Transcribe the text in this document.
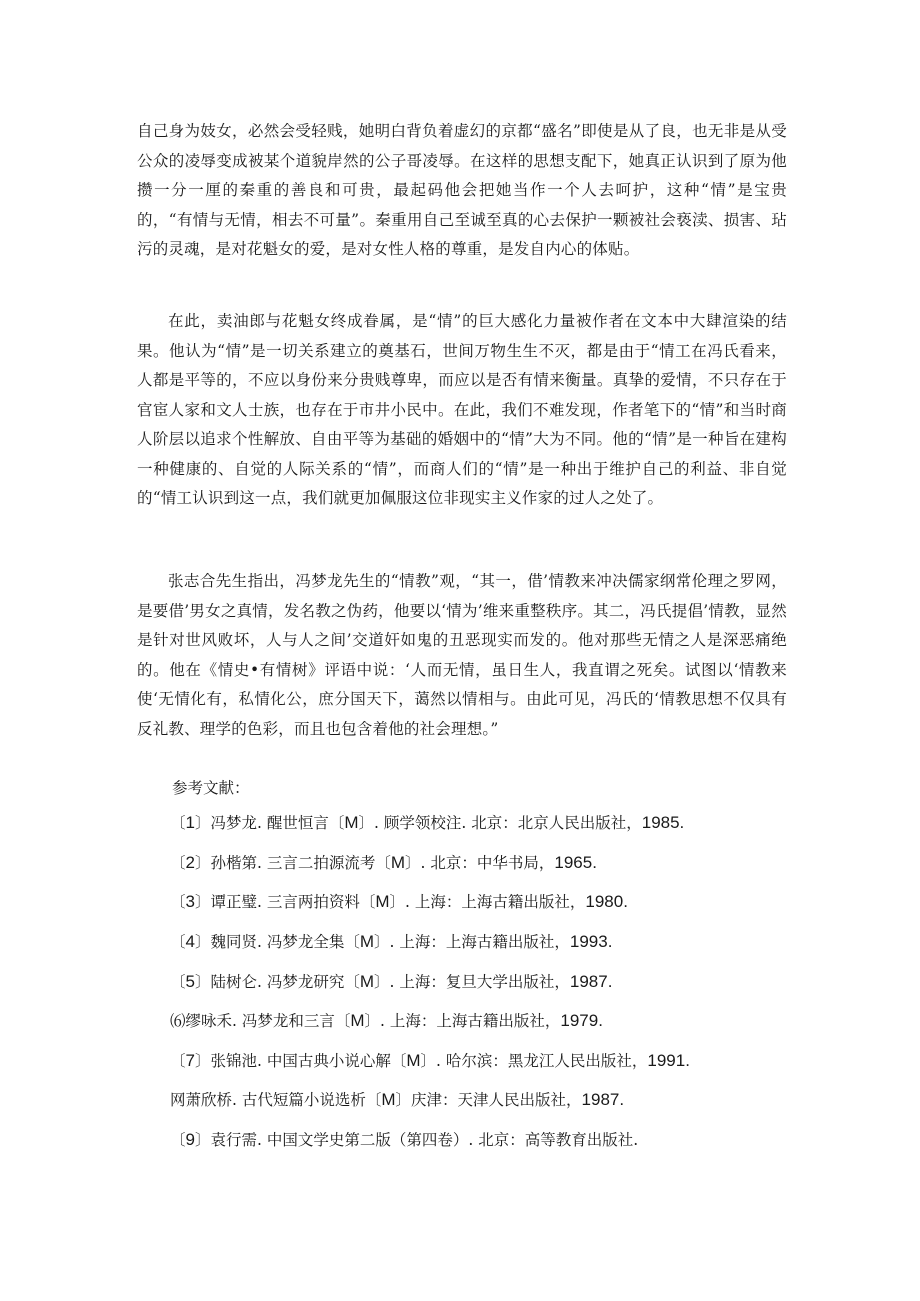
自己身为妓女，必然会受轻贱，她明白背负着虚幻的京都“盛名”即使是从了良，也无非是从受公众的凌辱变成被某个道貌岸然的公子哥凌辱。在这样的思想支配下，她真正认识到了原为他攒一分一厘的秦重的善良和可贵，最起码他会把她当作一个人去呵护，这种“情”是宝贵的，“有情与无情，相去不可量”。秦重用自己至诚至真的心去保护一颗被社会亵渎、损害、玷污的灵魂，是对花魁女的爱，是对女性人格的尊重，是发自内心的体贴。

在此，卖油郎与花魁女终成眷属，是“情”的巨大感化力量被作者在文本中大肆渲染的结果。他认为“情”是一切关系建立的奠基石，世间万物生生不灭，都是由于“情工在冯氏看来，人都是平等的，不应以身份来分贵贱尊卑，而应以是否有情来衡量。真挚的爱情，不只存在于官宦人家和文人士族，也存在于市井小民中。在此，我们不难发现，作者笔下的“情”和当时商人阶层以追求个性解放、自由平等为基础的婚姻中的“情”大为不同。他的“情”是一种旨在建构一种健康的、自觉的人际关系的“情”，而商人们的“情”是一种出于维护自己的利益、非自觉的“情工认识到这一点，我们就更加佩服这位非现实主义作家的过人之处了。

张志合先生指出，冯梦龙先生的“情教”观，“其一，借’情教来冲决儒家纲常伦理之罗网，是要借’男女之真情，发名教之伪药，他要以‘情为’维来重整秩序。其二，冯氏提倡’情教，显然是针对世风败坏，人与人之间’交道奸如鬼的丑恶现实而发的。他对那些无情之人是深恶痛绝的。他在《情史•有情树》评语中说：‘人而无情，虽日生人，我直谓之死矣。试图以‘情教来使‘无情化有，私情化公，庶分国天下，蔼然以情相与。由此可见，冯氏的‘情教思想不仅具有反礼教、理学的色彩，而且也包含着他的社会理想。”

参考文献：

〔1〕冯梦龙. 醒世恒言〔M〕. 顾学领校注. 北京：北京人民出版社，1985.

〔2〕孙楷第. 三言二拍源流考〔M〕. 北京：中华书局，1965.

〔3〕谭正璧. 三言两拍资料〔M〕. 上海：上海古籍出版社，1980.

〔4〕魏同贤. 冯梦龙全集〔M〕. 上海：上海古籍出版社，1993.

〔5〕陆树仑. 冯梦龙研究〔M〕. 上海：复旦大学出版社，1987.

⑹缪咏禾. 冯梦龙和三言〔M〕. 上海：上海古籍出版社，1979.

〔7〕张锦池. 中国古典小说心解〔M〕. 哈尔滨：黑龙江人民出版社，1991.

网萧欣桥. 古代短篇小说选析〔M〕庆津：天津人民出版社，1987.

〔9〕袁行需. 中国文学史第二版（第四卷）. 北京：高等教育出版社.
